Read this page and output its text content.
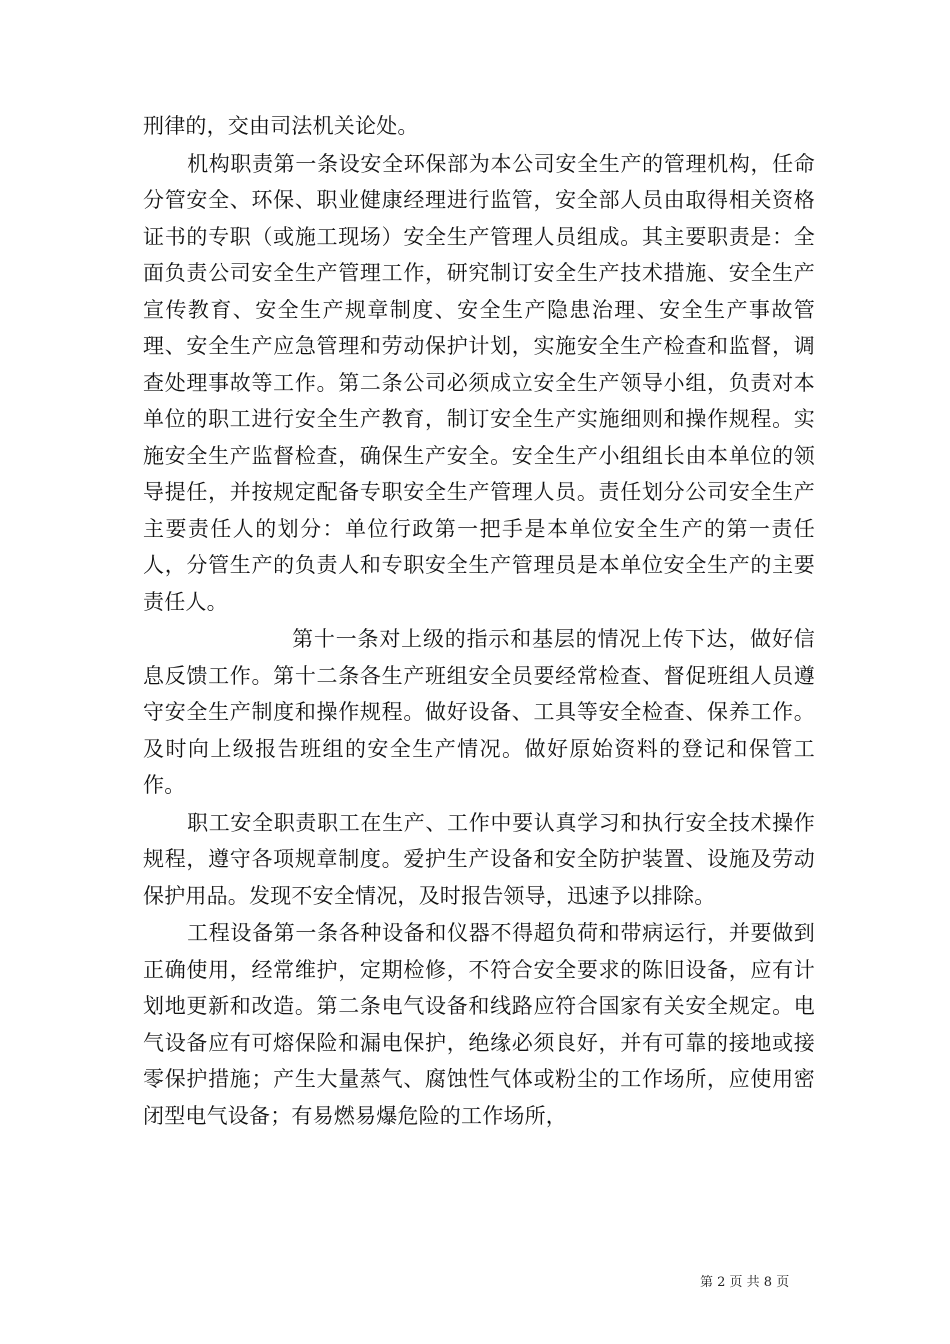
刑律的，交由司法机关论处。

机构职责第一条设安全环保部为本公司安全生产的管理机构，任命分管安全、环保、职业健康经理进行监管，安全部人员由取得相关资格证书的专职（或施工现场）安全生产管理人员组成。其主要职责是：全面负责公司安全生产管理工作，研究制订安全生产技术措施、安全生产宣传教育、安全生产规章制度、安全生产隐患治理、安全生产事故管理、安全生产应急管理和劳动保护计划，实施安全生产检查和监督，调查处理事故等工作。第二条公司必须成立安全生产领导小组，负责对本单位的职工进行安全生产教育，制订安全生产实施细则和操作规程。实施安全生产监督检查，确保生产安全。安全生产小组组长由本单位的领导提任，并按规定配备专职安全生产管理人员。责任划分公司安全生产主要责任人的划分：单位行政第一把手是本单位安全生产的第一责任人，分管生产的负责人和专职安全生产管理员是本单位安全生产的主要责任人。

第十一条对上级的指示和基层的情况上传下达，做好信息反馈工作。第十二条各生产班组安全员要经常检查、督促班组人员遵守安全生产制度和操作规程。做好设备、工具等安全检查、保养工作。及时向上级报告班组的安全生产情况。做好原始资料的登记和保管工作。

职工安全职责职工在生产、工作中要认真学习和执行安全技术操作规程，遵守各项规章制度。爱护生产设备和安全防护装置、设施及劳动保护用品。发现不安全情况，及时报告领导，迅速予以排除。

工程设备第一条各种设备和仪器不得超负荷和带病运行，并要做到正确使用，经常维护，定期检修，不符合安全要求的陈旧设备，应有计划地更新和改造。第二条电气设备和线路应符合国家有关安全规定。电气设备应有可熔保险和漏电保护，绝缘必须良好，并有可靠的接地或接零保护措施；产生大量蒸气、腐蚀性气体或粉尘的工作场所，应使用密闭型电气设备；有易燃易爆危险的工作场所，

第 2 页 共 8 页
